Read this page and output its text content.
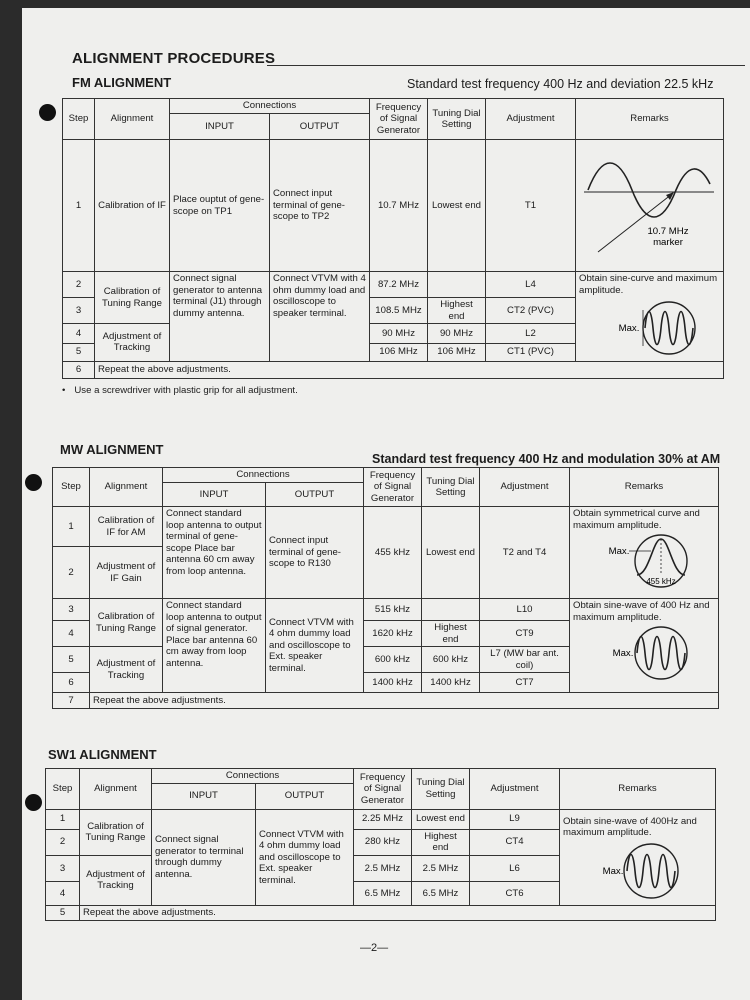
ALIGNMENT PROCEDURES
FM ALIGNMENT	Standard test frequency 400 Hz and deviation 22.5 kHz
Step	Alignment	Connections		Frequency of Signal Generator	Tuning Dial Setting	Adjustment	Remarks
		INPUT	OUTPUT				
1	Calibration of IF	Place ouptut of gene-scope on TP1	Connect input terminal of gene-scope to TP2	10.7 MHz	Lowest end	T1	10.7 MHz marker

2	Calibration of Tuning Range	Connect signal generator to antenna terminal (J1) through dummy antenna.	Connect VTVM with 4 ohm dummy load and oscilloscope to speaker terminal.	87.2 MHz		L4	Obtain sine-curve and maximum amplitude.
Max.

3				108.5 MHz	Highest end	CT2 (PVC)	
4	Adjustment of Tracking			90 MHz	90 MHz	L2	
5				106 MHz	106 MHz	CT1 (PVC)	
6	Repeat the above adjustments.						
• Use a screwdriver with plastic grip for all adjustment.
MW ALIGNMENT
Standard test frequency 400 Hz and modulation 30% at AM
Step	Alignment	Connections		Frequency of Signal Generator	Tuning Dial Setting	Adjustment	Remarks
		INPUT	OUTPUT				
1	Calibration of IF for AM	Connect standard loop antenna to output terminal of gene-scope Place bar antenna 60 cm away from loop antenna.	Connect input terminal of gene-scope to R130	455 kHz	Lowest end	T2 and T4	Obtain symmetrical curve and maximum amplitude.
Max.
455 kHz

2	Adjustment of IF Gain						
3	Calibration of Tuning Range	Connect standard loop antenna to output of signal generator. Place bar antenna 60 cm away from loop antenna.	Connect VTVM with 4 ohm dummy load and oscilloscope to Ext. speaker terminal.	515 kHz		L10	Obtain sine-wave of 400 Hz and maximum amplitude.
Max.

4				1620 kHz	Highest end	CT9	
5	Adjustment of Tracking			600 kHz	600 kHz	L7 (MW bar ant. coil)	
6				1400 kHz	1400 kHz	CT7	
7	Repeat the above adjustments.						
SW1 ALIGNMENT
Step	Alignment	Connections		Frequency of Signal Generator	Tuning Dial Setting	Adjustment	Remarks
		INPUT	OUTPUT				
1	Calibration of Tuning Range	Connect signal generator to terminal through dummy antenna.	Connect VTVM with 4 ohm dummy load and oscilloscope to Ext. speaker terminal.	2.25 MHz	Lowest end	L9	Obtain sine-wave of 400Hz and maximum amplitude.
Max.

2				280 kHz	Highest end	CT4	
3	Adjustment of Tracking			2.5 MHz	2.5 MHz	L6	
4				6.5 MHz	6.5 MHz	CT6	
5	Repeat the above adjustments.						
—2—
